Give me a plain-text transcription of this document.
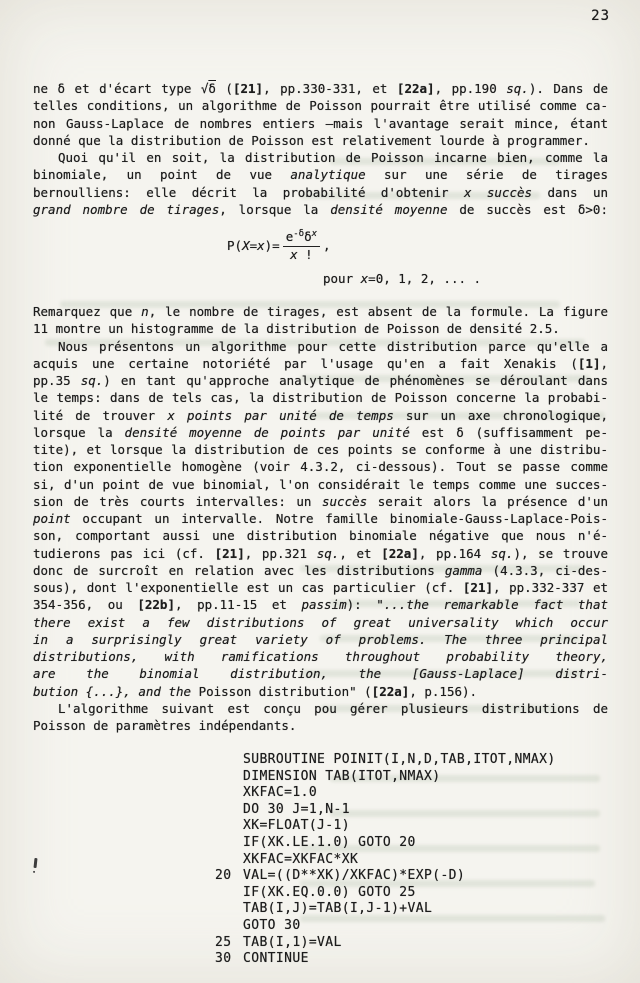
23
ne δ et d'écart type √δ ([21], pp.330-331, et [22a], pp.190 sq.). Dans de
telles conditions, un algorithme de Poisson pourrait être utilisé comme ca-
non Gauss-Laplace de nombres entiers —mais l'avantage serait mince, étant
donné que la distribution de Poisson est relativement lourde à programmer.
Quoi qu'il en soit, la distribution de Poisson incarne bien, comme la
binomiale, un point de vue analytique sur une série de tirages
bernoulliens: elle décrit la probabilité d'obtenir x succès dans un
grand nombre de tirages, lorsque la densité moyenne de succès est δ>0:
P( X = x )= $\frac{e^{-\delta}\delta^x}{x !}$ ,
pour x=0, 1, 2, ... .
Remarquez que n, le nombre de tirages, est absent de la formule. La figure
11 montre un histogramme de la distribution de Poisson de densité 2.5.
Nous présentons un algorithme pour cette distribution parce qu'elle a
acquis une certaine notoriété par l'usage qu'en a fait Xenakis ([1],
pp.35 sq.) en tant qu'approche analytique de phénomènes se déroulant dans
le temps: dans de tels cas, la distribution de Poisson concerne la probabi-
lité de trouver x points par unité de temps sur un axe chronologique,
lorsque la densité moyenne de points par unité est δ (suffisamment pe-
tite), et lorsque la distribution de ces points se conforme à une distribu-
tion exponentielle homogène (voir 4.3.2, ci-dessous). Tout se passe comme
si, d'un point de vue binomial, l'on considérait le temps comme une succes-
sion de très courts intervalles: un succès serait alors la présence d'un
point occupant un intervalle. Notre famille binomiale-Gauss-Laplace-Pois-
son, comportant aussi une distribution binomiale négative que nous n'é-
tudierons pas ici (cf. [21], pp.321 sq., et [22a], pp.164 sq.), se trouve
donc de surcroît en relation avec les distributions gamma (4.3.3, ci-des-
sous), dont l'exponentielle est un cas particulier (cf. [21], pp.332-337 et
354-356, ou [22b], pp.11-15 et passim): "...the remarkable fact that
there exist a few distributions of great universality which occur
in a surprisingly great variety of problems. The three principal
distributions, with ramifications throughout probability theory,
are the binomial distribution, the [Gauss-Laplace] distri-
bution {...}, and the Poisson distribution" ([22a], p.156).
L'algorithme suivant est conçu pou gérer plusieurs distributions de
Poisson de paramètres indépendants.
SUBROUTINE POINIT(I,N,D,TAB,ITOT,NMAX)
DIMENSION TAB(ITOT,NMAX)
XKFAC=1.0
DO 30 J=1,N-1
XK=FLOAT(J-1)
IF(XK.LE.1.0) GOTO 20
XKFAC=XKFAC*XK
20 VAL=((D**XK)/XKFAC)*EXP(-D)
IF(XK.EQ.0.0) GOTO 25
TAB(I,J)=TAB(I,J-1)+VAL
GOTO 30
25 TAB(I,1)=VAL
30 CONTINUE
